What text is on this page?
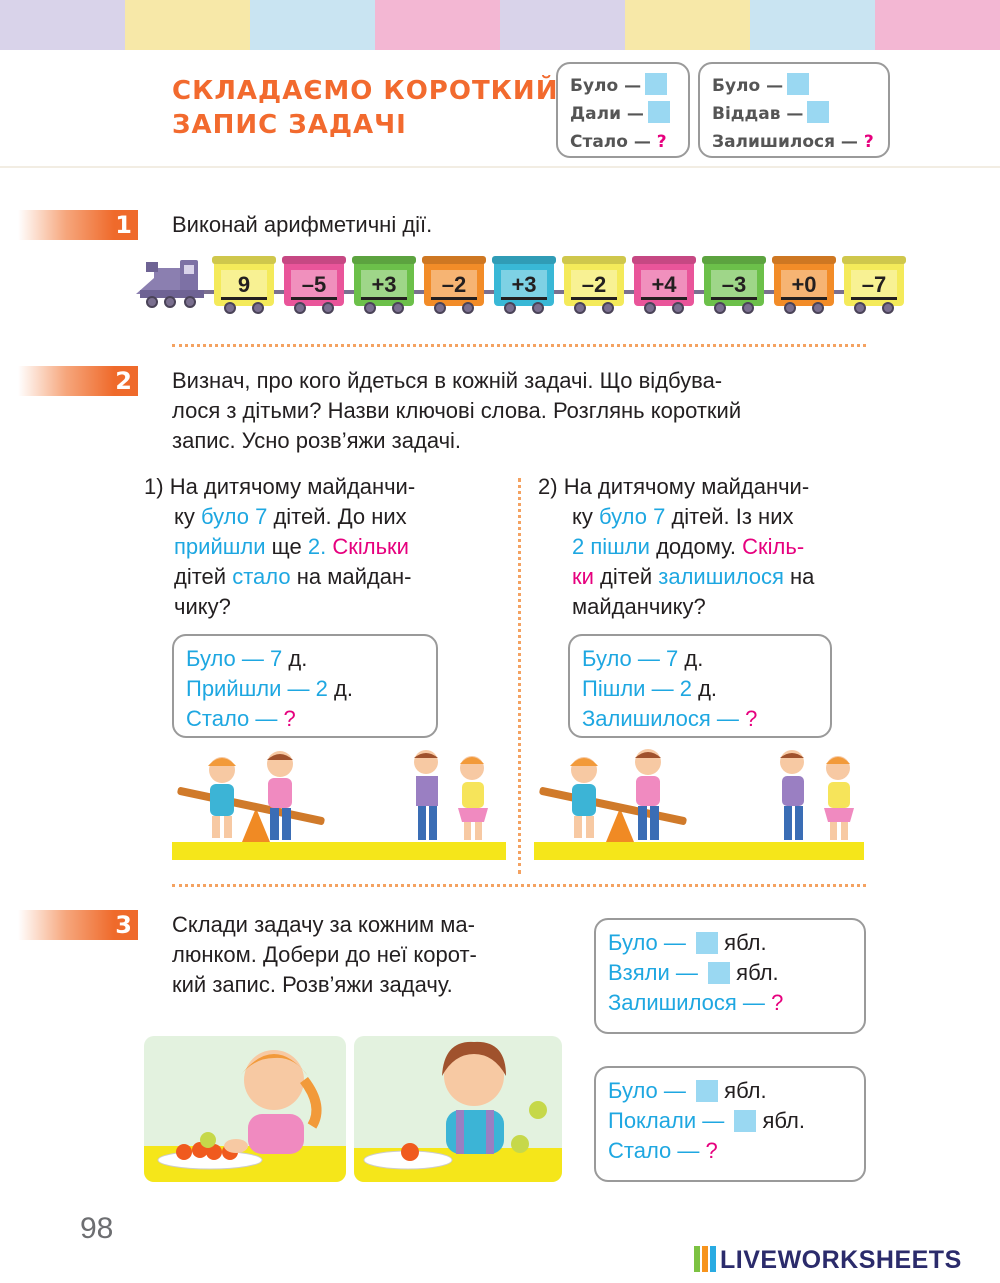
СКЛАДАЄМО КОРОТКИЙ
ЗАПИС ЗАДАЧІ
Було —
Дали —
Стало — ?
Було —
Віддав —
Залишилося — ?
1 Виконай арифметичні дії.
9	–5	+3	–2	+3	–2	+4	–3	+0	–7
2 Визнач, про кого йдеться в кожній задачі. Що відбува-
лося з дітьми? Назви ключові слова. Розглянь короткий
запис. Усно розв’яжи задачі.
1) На дитячому майданчи-
ку було 7 дітей. До них
прийшли ще 2. Скільки
дітей стало на майдан-
чику?
Було — 7 д.
Прийшли — 2 д.
Стало — ?
2) На дитячому майданчи-
ку було 7 дітей. Із них
2 пішли додому. Скіль-
ки дітей залишилося на
майданчику?
Було — 7 д.
Пішли — 2 д.
Залишилося — ?
3 Склади задачу за кожним ма-
люнком. Добери до неї корот-
кий запис. Розв’яжи задачу.
Було — ябл.
Взяли — ябл.
Залишилося — ?
Було — ябл.
Поклали — ябл.
Стало — ?
98
LIVEWORKSHEETS
